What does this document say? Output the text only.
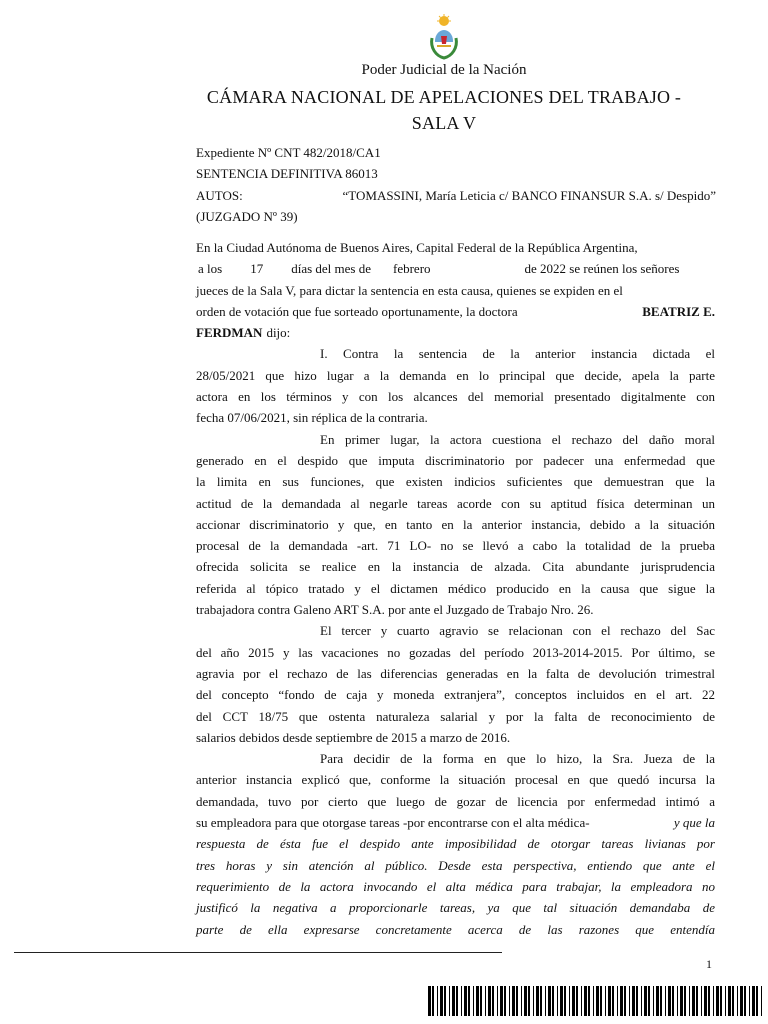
Poder Judicial de la Nación
CÁMARA NACIONAL DE APELACIONES DEL TRABAJO -
SALA V
Expediente Nº CNT 482/2018/CA1
SENTENCIA DEFINITIVA 86013
AUTOS:	“TOMASSINI, María Leticia c/ BANCO FINANSUR S.A. s/ Despido”
(JUZGADO Nº 39)
En la Ciudad Autónoma de Buenos Aires, Capital Federal de la República Argentina,
a los 17 días del mes de febrero	de 2022 se reúnen los señores
jueces de la Sala V, para dictar la sentencia en esta causa, quienes se expiden en el
orden de votación que fue sorteado oportunamente, la doctora	BEATRIZ E.
FERDMAN dijo:
I. Contra la sentencia de la anterior instancia dictada el
28/05/2021 que hizo lugar a la demanda en lo principal que decide, apela la parte
actora en los términos y con los alcances del memorial presentado digitalmente con
fecha 07/06/2021, sin réplica de la contraria.
En primer lugar, la actora cuestiona el rechazo del daño moral
generado en el despido que imputa discriminatorio por padecer una enfermedad que
la limita en sus funciones, que existen indicios suficientes que demuestran que la
actitud de la demandada al negarle tareas acorde con su aptitud física determinan un
accionar discriminatorio y que, en tanto en la anterior instancia, debido a la situación
procesal de la demandada -art. 71 LO- no se llevó a cabo la totalidad de la prueba
ofrecida solicita se realice en la instancia de alzada. Cita abundante jurisprudencia
referida al tópico tratado y el dictamen médico producido en la causa que sigue la
trabajadora contra Galeno ART S.A. por ante el Juzgado de Trabajo Nro. 26.
El tercer y cuarto agravio se relacionan con el rechazo del Sac
del año 2015 y las vacaciones no gozadas del período 2013-2014-2015. Por último, se
agravia por el rechazo de las diferencias generadas en la falta de devolución trimestral
del concepto “fondo de caja y moneda extranjera”, conceptos incluidos en el art. 22
del CCT 18/75 que ostenta naturaleza salarial y por la falta de reconocimiento de
salarios debidos desde septiembre de 2015 a marzo de 2016.
Para decidir de la forma en que lo hizo, la Sra. Jueza de la
anterior instancia explicó que, conforme la situación procesal en que quedó incursa la
demandada, tuvo por cierto que luego de gozar de licencia por enfermedad intimó a
su empleadora para que otorgase tareas -por encontrarse con el alta médica-	y que la
respuesta de ésta fue el despido ante imposibilidad de otorgar tareas livianas por
tres horas y sin atención al público. Desde esta perspectiva, entiendo que ante el
requerimiento de la actora invocando el alta médica para trabajar, la empleadora no
justificó la negativa a proporcionarle tareas, ya que tal situación demandaba de
parte de ella expresarse concretamente acerca de las razones que entendía
1
